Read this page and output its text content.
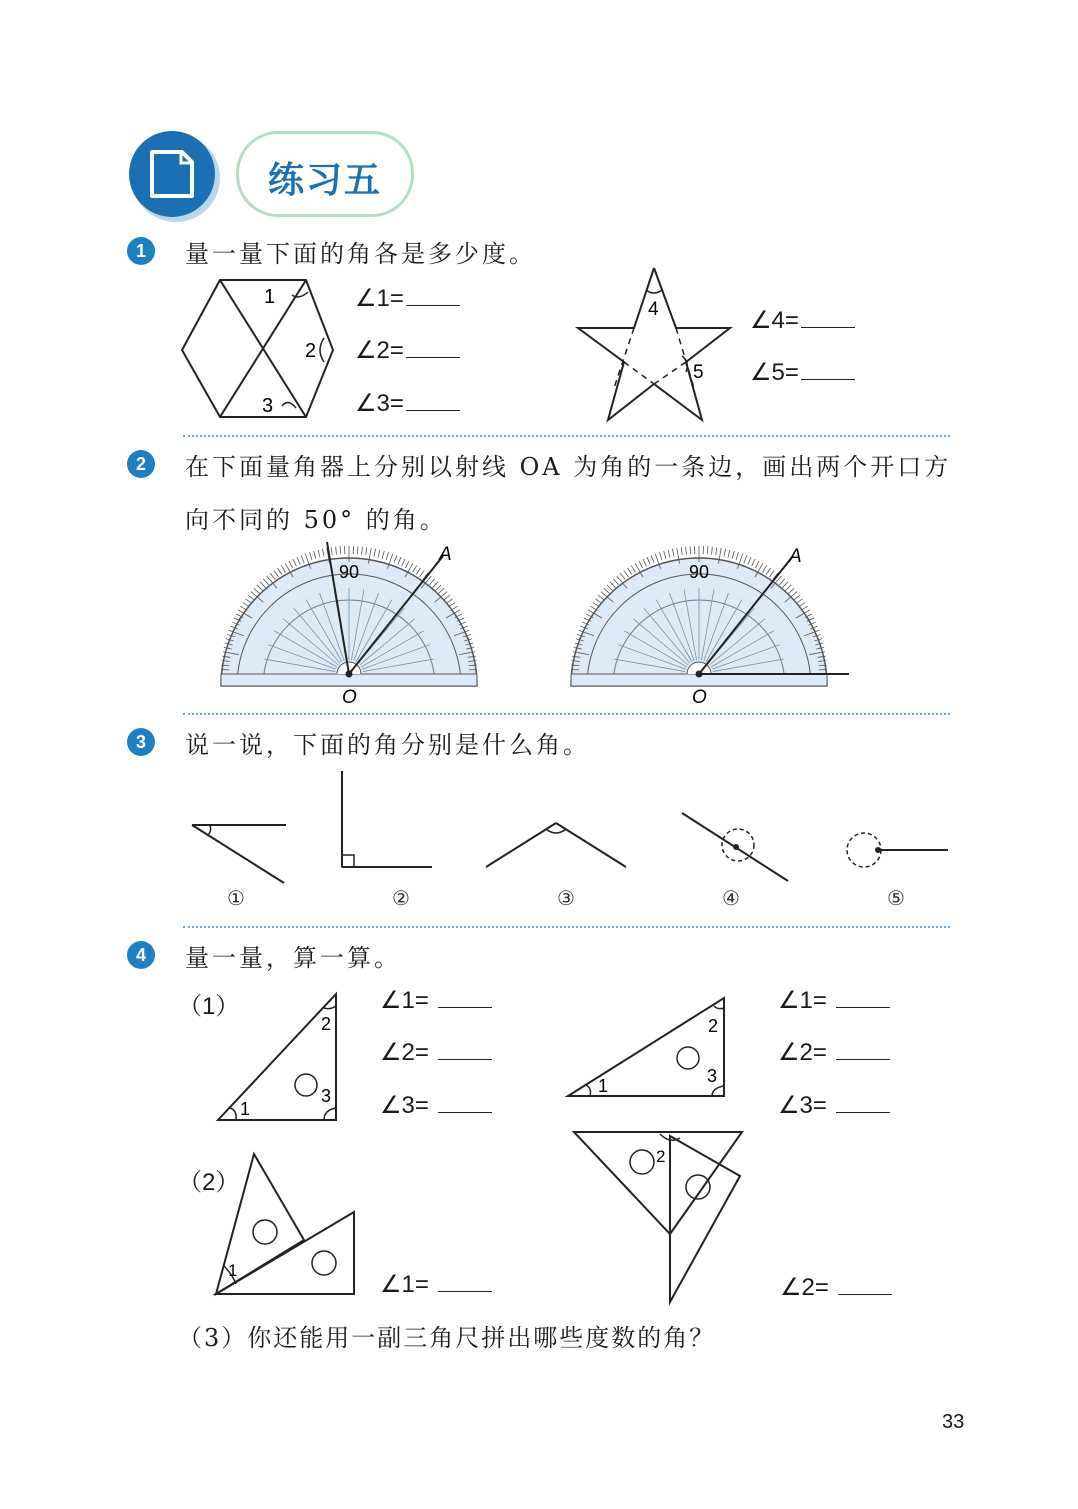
练习五
1	量一量下面的角各是多少度。
1
2
3
∠1=
∠2=
∠3=
4
5
∠4=
∠5=
2	在下面量角器上分别以射线 OA 为角的一条边，画出两个开口方
向不同的 50° 的角。
90
A
O
90
A
O
3	说一说，下面的角分别是什么角。
①	②	③	④	⑤
4	量一量，算一算。
（1）
1
2
3
∠1=
∠2=
∠3=
1
2
3
∠1=
∠2=
∠3=
（2）
1
∠1=
2
∠2=
（3）你还能用一副三角尺拼出哪些度数的角？
33
